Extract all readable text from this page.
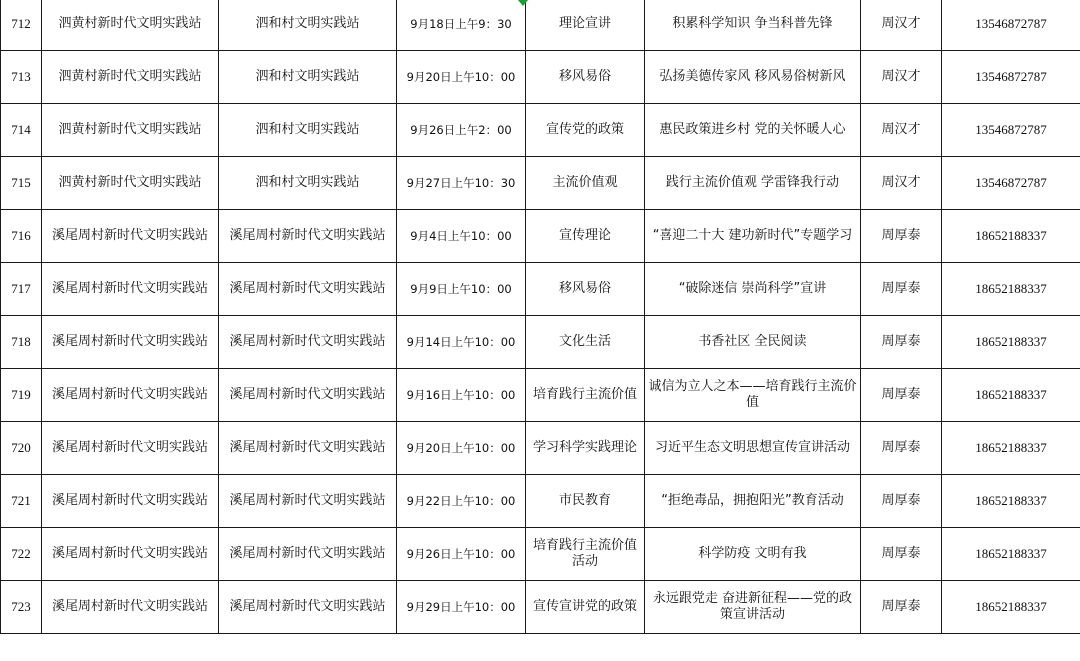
712	泗黄村新时代文明实践站	泗和村文明实践站	9月18日上午9：30	理论宣讲	积累科学知识 争当科普先锋	周汉才	13546872787
713	泗黄村新时代文明实践站	泗和村文明实践站	9月20日上午10：00	移风易俗	弘扬美德传家风 移风易俗树新风	周汉才	13546872787
714	泗黄村新时代文明实践站	泗和村文明实践站	9月26日上午2：00	宣传党的政策	惠民政策进乡村 党的关怀暖人心	周汉才	13546872787
715	泗黄村新时代文明实践站	泗和村文明实践站	9月27日上午10：30	主流价值观	践行主流价值观 学雷锋我行动	周汉才	13546872787
716	溪尾周村新时代文明实践站	溪尾周村新时代文明实践站	9月4日上午10：00	宣传理论	“喜迎二十大 建功新时代”专题学习	周厚泰	18652188337
717	溪尾周村新时代文明实践站	溪尾周村新时代文明实践站	9月9日上午10：00	移风易俗	“破除迷信 崇尚科学”宣讲	周厚泰	18652188337
718	溪尾周村新时代文明实践站	溪尾周村新时代文明实践站	9月14日上午10：00	文化生活	书香社区 全民阅读	周厚泰	18652188337
719	溪尾周村新时代文明实践站	溪尾周村新时代文明实践站	9月16日上午10：00	培育践行主流价值	诚信为立人之本——培育践行主流价值	周厚泰	18652188337
720	溪尾周村新时代文明实践站	溪尾周村新时代文明实践站	9月20日上午10：00	学习科学实践理论	习近平生态文明思想宣传宣讲活动	周厚泰	18652188337
721	溪尾周村新时代文明实践站	溪尾周村新时代文明实践站	9月22日上午10：00	市民教育	“拒绝毒品，拥抱阳光”教育活动	周厚泰	18652188337
722	溪尾周村新时代文明实践站	溪尾周村新时代文明实践站	9月26日上午10：00	培育践行主流价值活动	科学防疫 文明有我	周厚泰	18652188337
723	溪尾周村新时代文明实践站	溪尾周村新时代文明实践站	9月29日上午10：00	宣传宣讲党的政策	永远跟党走 奋进新征程——党的政策宣讲活动	周厚泰	18652188337
